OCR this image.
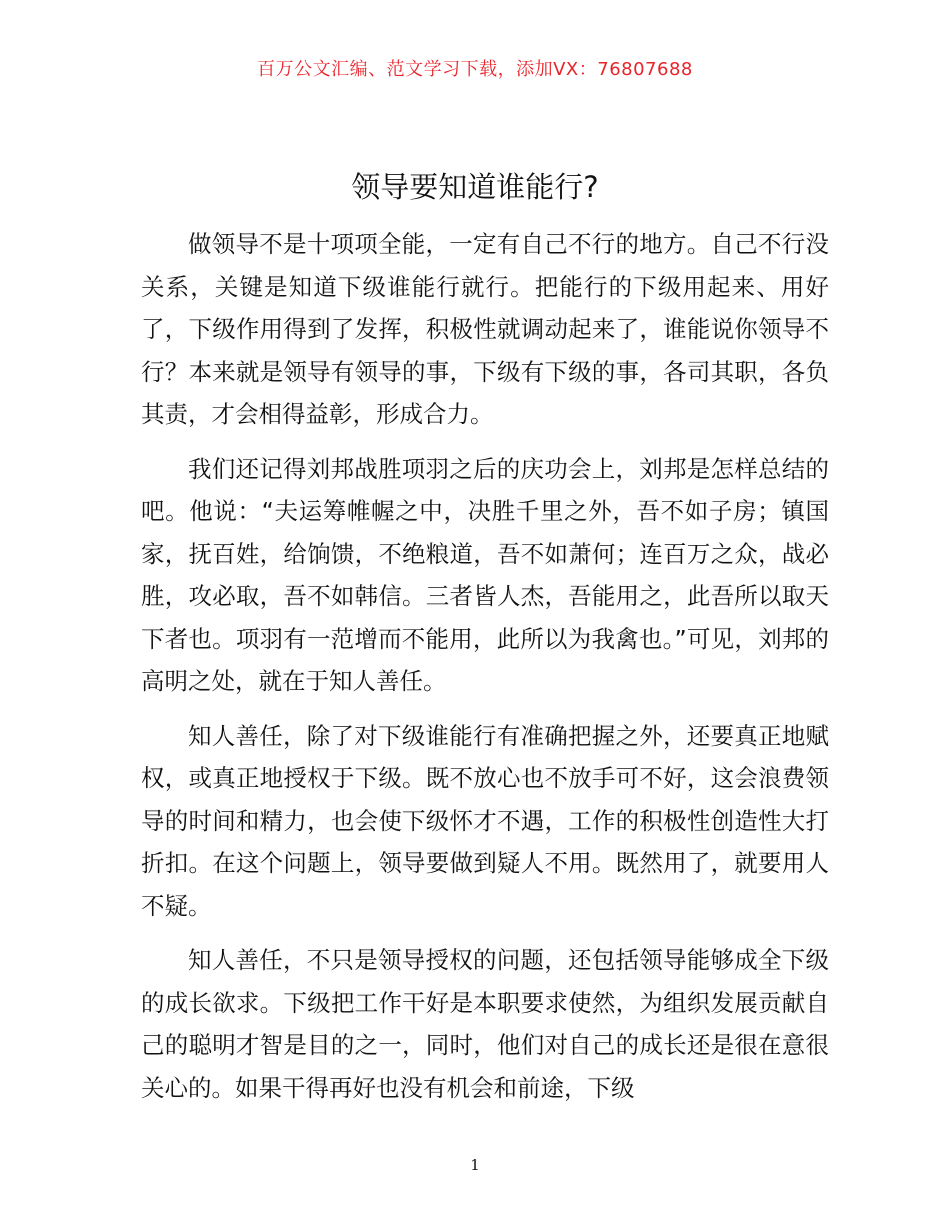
百万公文汇编、范文学习下载，添加VX：76807688
领导要知道谁能行?

做领导不是十项项全能，一定有自己不行的地方。自己不行没关系，关键是知道下级谁能行就行。把能行的下级用起来、用好了，下级作用得到了发挥，积极性就调动起来了，谁能说你领导不行？本来就是领导有领导的事，下级有下级的事，各司其职，各负其责，才会相得益彰，形成合力。

我们还记得刘邦战胜项羽之后的庆功会上，刘邦是怎样总结的吧。他说：“夫运筹帷幄之中，决胜千里之外，吾不如子房；镇国家，抚百姓，给饷馈，不绝粮道，吾不如萧何；连百万之众，战必胜，攻必取，吾不如韩信。三者皆人杰，吾能用之，此吾所以取天下者也。项羽有一范增而不能用，此所以为我禽也。”可见，刘邦的高明之处，就在于知人善任。

知人善任，除了对下级谁能行有准确把握之外，还要真正地赋权，或真正地授权于下级。既不放心也不放手可不好，这会浪费领导的时间和精力，也会使下级怀才不遇，工作的积极性创造性大打折扣。在这个问题上，领导要做到疑人不用。既然用了，就要用人不疑。

知人善任，不只是领导授权的问题，还包括领导能够成全下级的成长欲求。下级把工作干好是本职要求使然，为组织发展贡献自己的聪明才智是目的之一，同时，他们对自己的成长还是很在意很关心的。如果干得再好也没有机会和前途，下级

1
